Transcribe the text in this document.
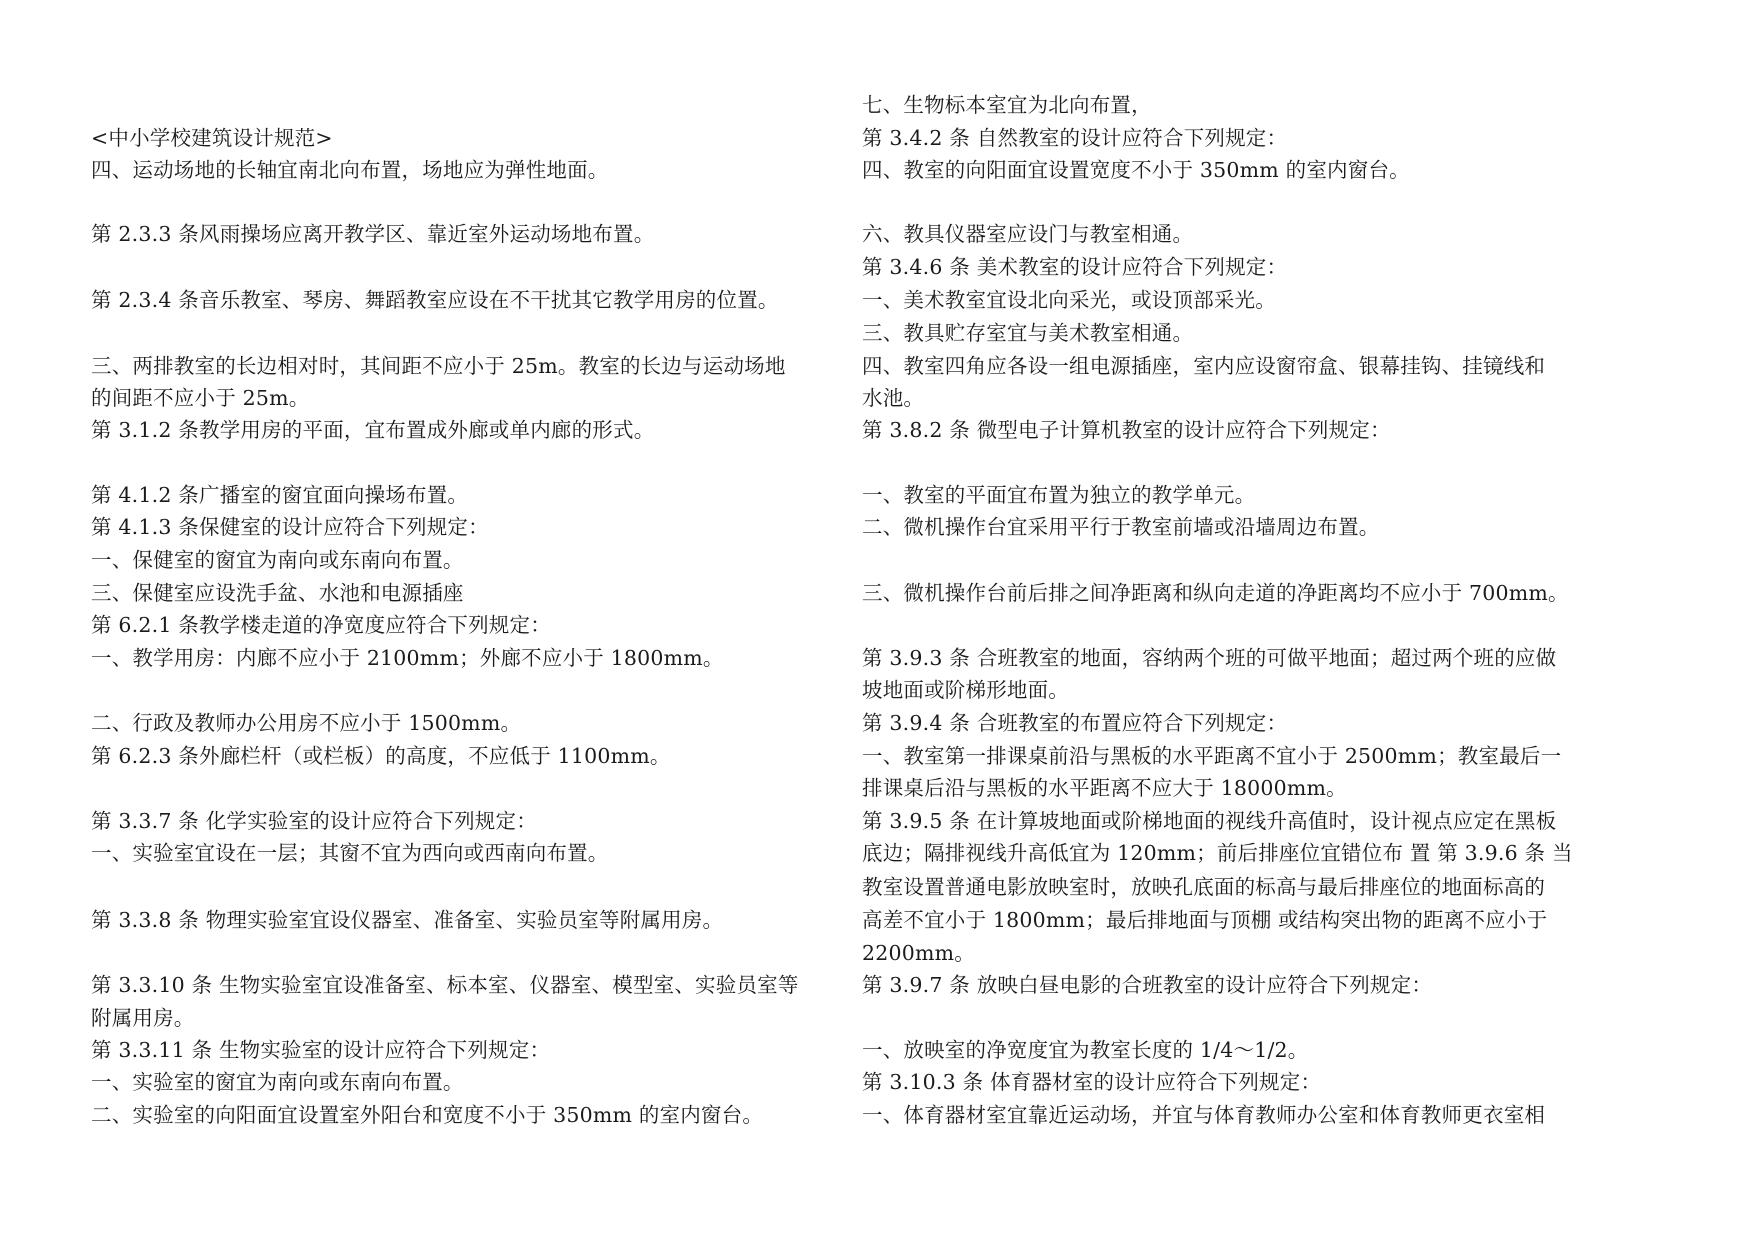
<中小学校建筑设计规范>
四、运动场地的长轴宜南北向布置，场地应为弹性地面。
第 2.3.3 条风雨操场应离开教学区、靠近室外运动场地布置。
第 2.3.4 条音乐教室、琴房、舞蹈教室应设在不干扰其它教学用房的位置。
三、两排教室的长边相对时，其间距不应小于 25m。教室的长边与运动场地
的间距不应小于 25m。
第 3.1.2 条教学用房的平面，宜布置成外廊或单内廊的形式。
第 4.1.2 条广播室的窗宜面向操场布置。
第 4.1.3 条保健室的设计应符合下列规定：
一、保健室的窗宜为南向或东南向布置。
三、保健室应设洗手盆、水池和电源插座
第 6.2.1 条教学楼走道的净宽度应符合下列规定：
一、教学用房：内廊不应小于 2100mm；外廊不应小于 1800mm。
二、行政及教师办公用房不应小于 1500mm。
第 6.2.3 条外廊栏杆（或栏板）的高度，不应低于 1100mm。
第 3.3.7 条 化学实验室的设计应符合下列规定：
一、实验室宜设在一层；其窗不宜为西向或西南向布置。
第 3.3.8 条 物理实验室宜设仪器室、准备室、实验员室等附属用房。
第 3.3.10 条 生物实验室宜设准备室、标本室、仪器室、模型室、实验员室等
附属用房。
第 3.3.11 条 生物实验室的设计应符合下列规定：
一、实验室的窗宜为南向或东南向布置。
二、实验室的向阳面宜设置室外阳台和宽度不小于 350mm 的室内窗台。
七、生物标本室宜为北向布置，
第 3.4.2 条 自然教室的设计应符合下列规定：
四、教室的向阳面宜设置宽度不小于 350mm 的室内窗台。
六、教具仪器室应设门与教室相通。
第 3.4.6 条 美术教室的设计应符合下列规定：
一、美术教室宜设北向采光，或设顶部采光。
三、教具贮存室宜与美术教室相通。
四、教室四角应各设一组电源插座，室内应设窗帘盒、银幕挂钩、挂镜线和
水池。
第 3.8.2 条 微型电子计算机教室的设计应符合下列规定：
一、教室的平面宜布置为独立的教学单元。
二、微机操作台宜采用平行于教室前墙或沿墙周边布置。
三、微机操作台前后排之间净距离和纵向走道的净距离均不应小于 700mm。
第 3.9.3 条 合班教室的地面，容纳两个班的可做平地面；超过两个班的应做
坡地面或阶梯形地面。
第 3.9.4 条 合班教室的布置应符合下列规定：
一、教室第一排课桌前沿与黑板的水平距离不宜小于 2500mm；教室最后一
排课桌后沿与黑板的水平距离不应大于 18000mm。
第 3.9.5 条 在计算坡地面或阶梯地面的视线升高值时，设计视点应定在黑板
底边；隔排视线升高低宜为 120mm；前后排座位宜错位布 置 第 3.9.6 条 当
教室设置普通电影放映室时，放映孔底面的标高与最后排座位的地面标高的
高差不宜小于 1800mm；最后排地面与顶棚 或结构突出物的距离不应小于
2200mm。
第 3.9.7 条 放映白昼电影的合班教室的设计应符合下列规定：
一、放映室的净宽度宜为教室长度的 1/4～1/2。
第 3.10.3 条 体育器材室的设计应符合下列规定：
一、体育器材室宜靠近运动场，并宜与体育教师办公室和体育教师更衣室相
